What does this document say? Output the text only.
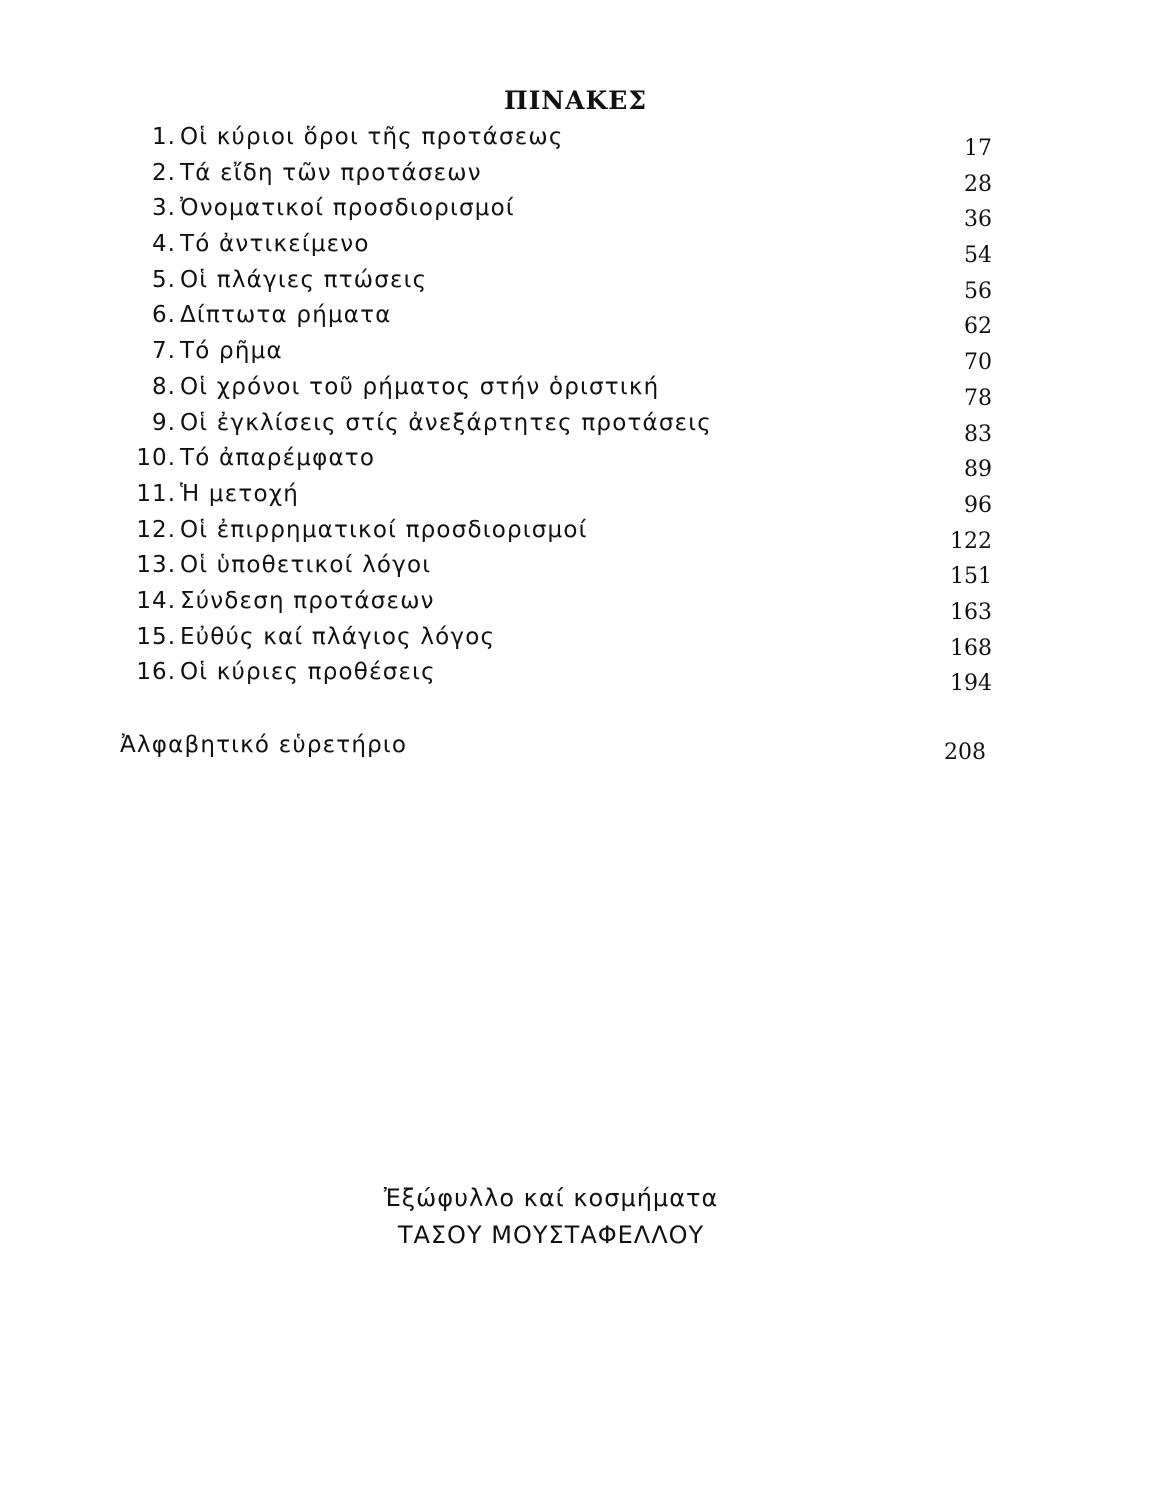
ΠΙΝΑΚΕΣ
1. Οἱ κύριοι ὅροι τῆς προτάσεως	17
2. Τά εἴδη τῶν προτάσεων	28
3. Ὀνοματικοί προσδιορισμοί	36
4. Τό ἀντικείμενο	54
5. Οἱ πλάγιες πτώσεις	56
6. Δίπτωτα ρήματα	62
7. Τό ρῆμα	70
8. Οἱ χρόνοι τοῦ ρήματος στήν ὁριστική	78
9. Οἱ ἐγκλίσεις στίς ἀνεξάρτητες προτάσεις	83
10. Τό ἀπαρέμφατο	89
11. Ἡ μετοχή	96
12. Οἱ ἐπιρρηματικοί προσδιορισμοί	122
13. Οἱ ὑποθετικοί λόγοι	151
14. Σύνδεση προτάσεων	163
15. Εὐθύς καί πλάγιος λόγος	168
16. Οἱ κύριες προθέσεις	194
Ἀλφαβητικό εὑρετήριο	208
Ἐξώφυλλο καί κοσμήματα
ΤΑΣΟΥ ΜΟΥΣΤΑΦΕΛΛΟΥ
